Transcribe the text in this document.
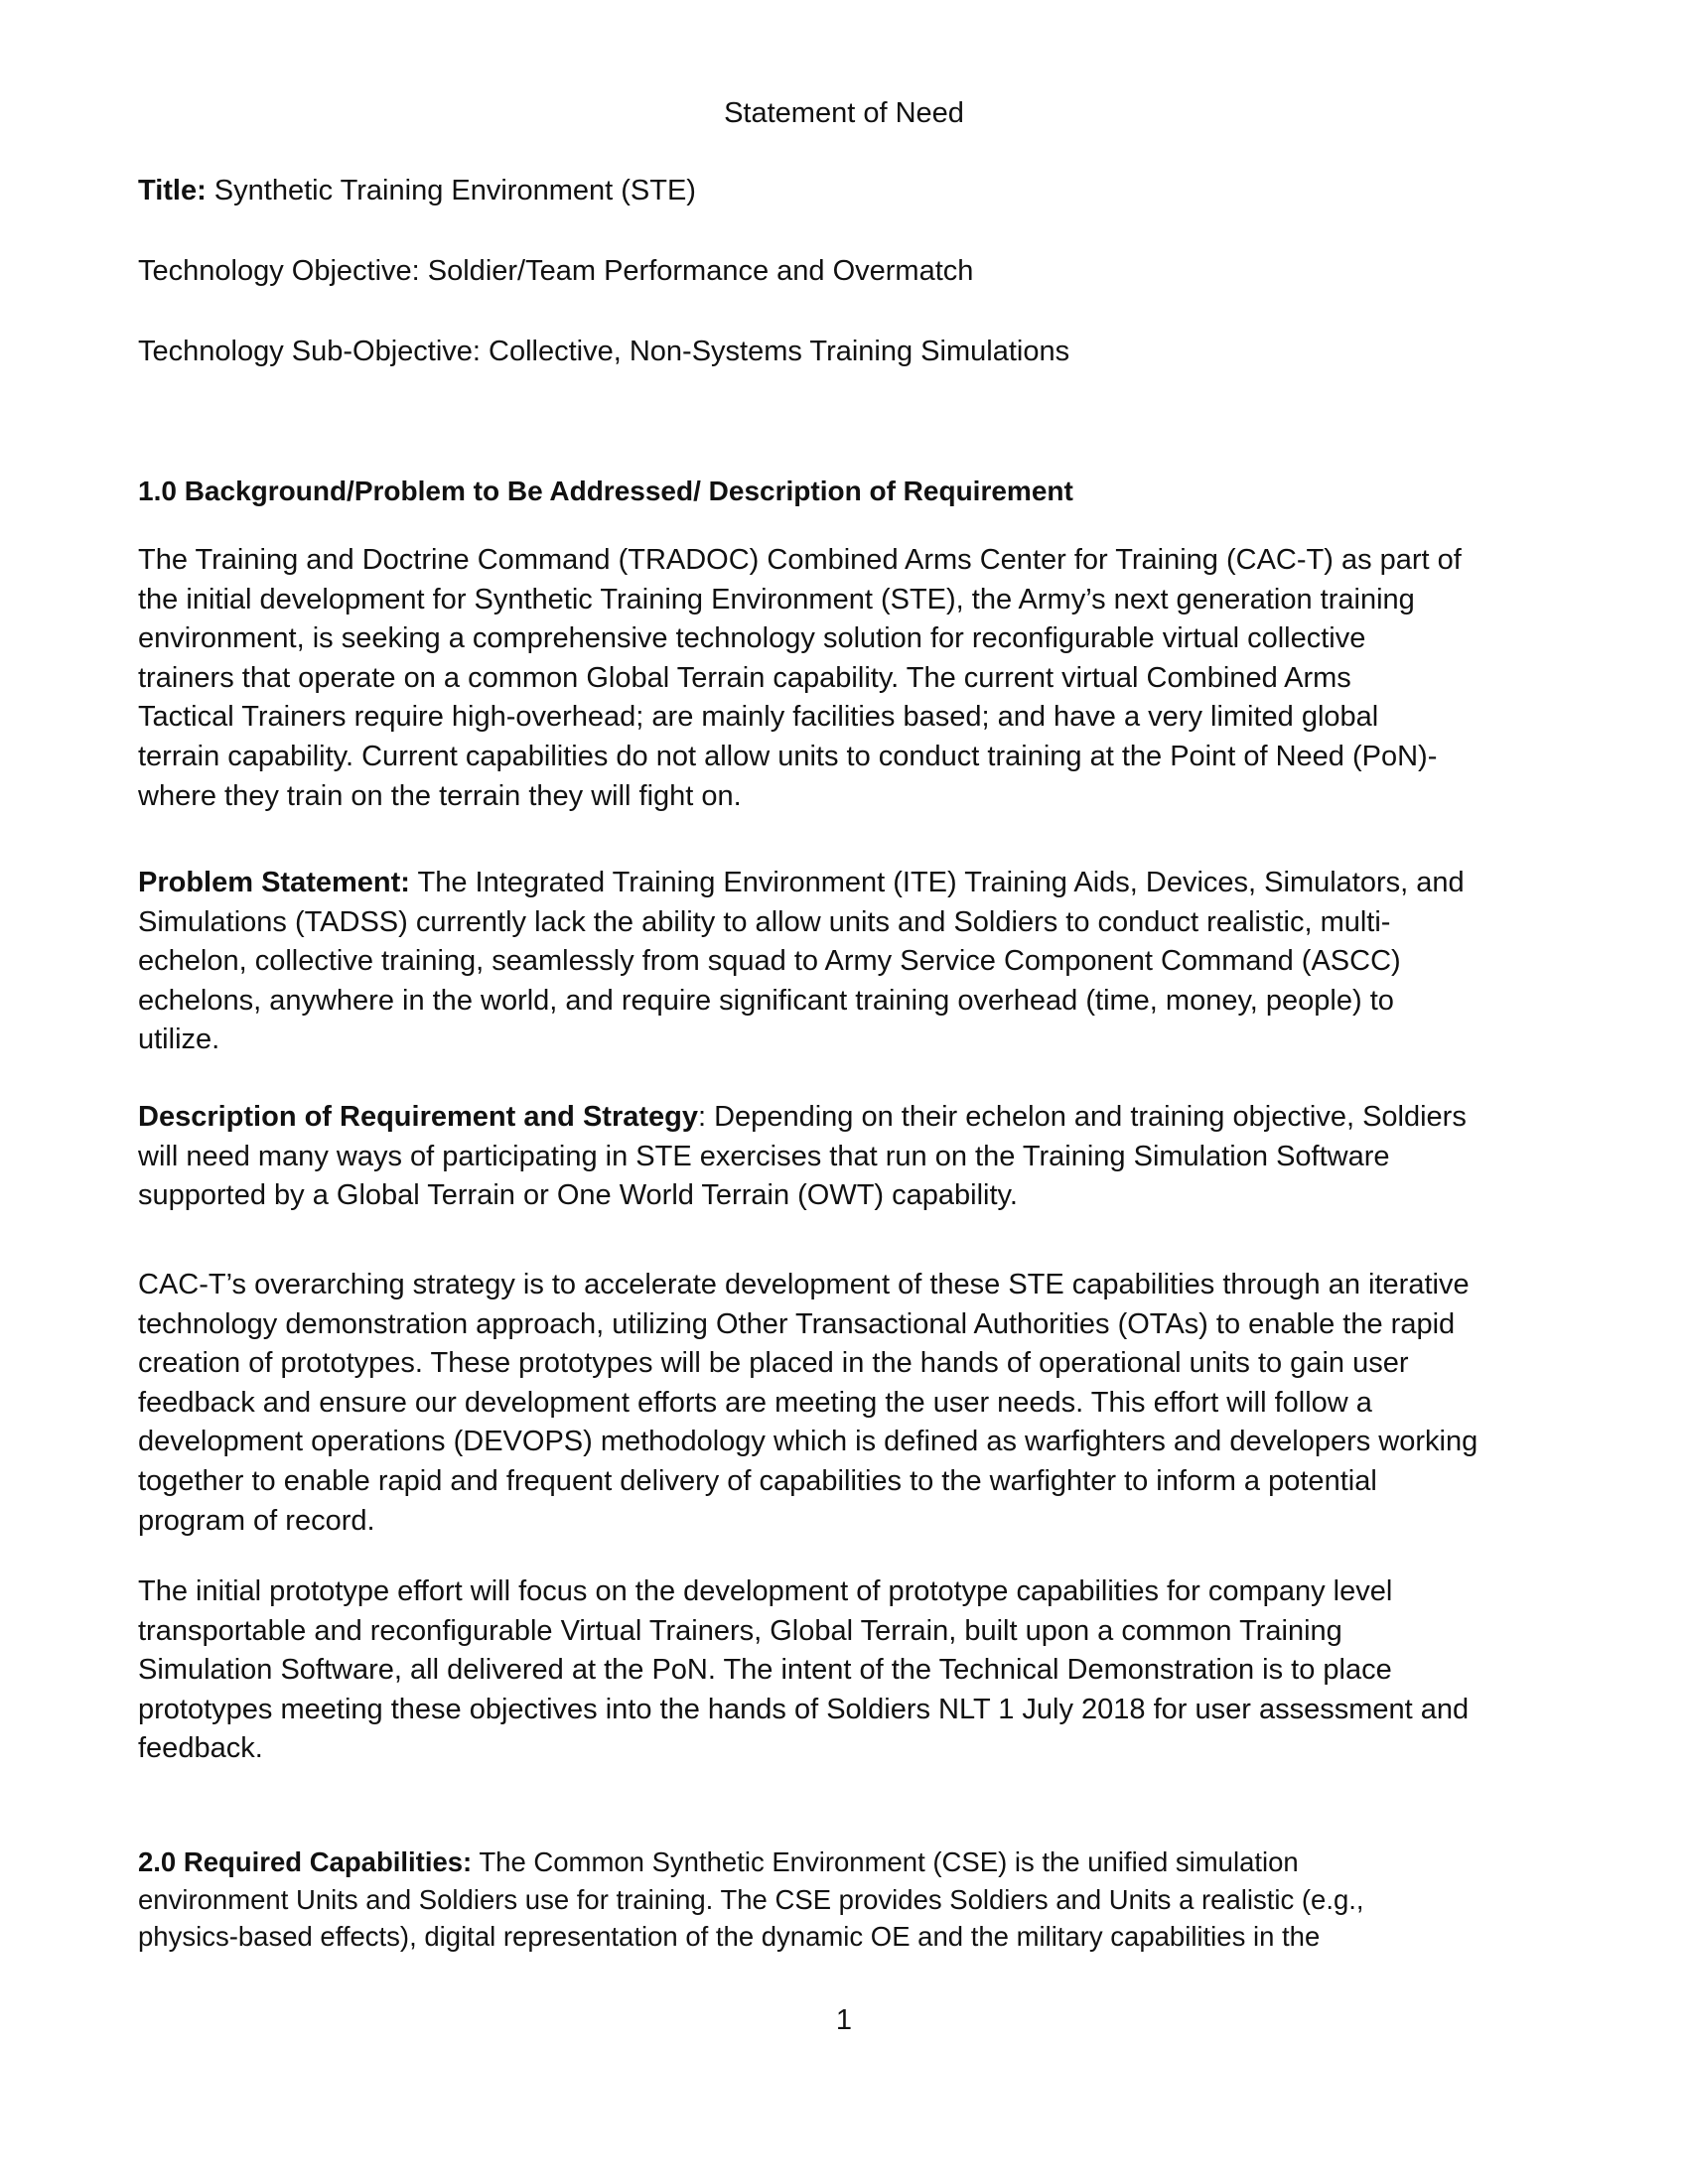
Statement of Need
Title: Synthetic Training Environment (STE)
Technology Objective: Soldier/Team Performance and Overmatch
Technology Sub-Objective: Collective, Non-Systems Training Simulations
1.0 Background/Problem to Be Addressed/ Description of Requirement
The Training and Doctrine Command (TRADOC) Combined Arms Center for Training (CAC-T) as part of
the initial development for Synthetic Training Environment (STE), the Army’s next generation training
environment, is seeking a comprehensive technology solution for reconfigurable virtual collective
trainers that operate on a common Global Terrain capability. The current virtual Combined Arms
Tactical Trainers require high-overhead; are mainly facilities based; and have a very limited global
terrain capability. Current capabilities do not allow units to conduct training at the Point of Need (PoN)-
where they train on the terrain they will fight on.
Problem Statement: The Integrated Training Environment (ITE) Training Aids, Devices, Simulators, and
Simulations (TADSS) currently lack the ability to allow units and Soldiers to conduct realistic, multi-
echelon, collective training, seamlessly from squad to Army Service Component Command (ASCC)
echelons, anywhere in the world, and require significant training overhead (time, money, people) to
utilize.
Description of Requirement and Strategy: Depending on their echelon and training objective, Soldiers
will need many ways of participating in STE exercises that run on the Training Simulation Software
supported by a Global Terrain or One World Terrain (OWT) capability.
CAC-T’s overarching strategy is to accelerate development of these STE capabilities through an iterative
technology demonstration approach, utilizing Other Transactional Authorities (OTAs) to enable the rapid
creation of prototypes. These prototypes will be placed in the hands of operational units to gain user
feedback and ensure our development efforts are meeting the user needs. This effort will follow a
development operations (DEVOPS) methodology which is defined as warfighters and developers working
together to enable rapid and frequent delivery of capabilities to the warfighter to inform a potential
program of record.
The initial prototype effort will focus on the development of prototype capabilities for company level
transportable and reconfigurable Virtual Trainers, Global Terrain, built upon a common Training
Simulation Software, all delivered at the PoN. The intent of the Technical Demonstration is to place
prototypes meeting these objectives into the hands of Soldiers NLT 1 July 2018 for user assessment and
feedback.
2.0 Required Capabilities: The Common Synthetic Environment (CSE) is the unified simulation
environment Units and Soldiers use for training. The CSE provides Soldiers and Units a realistic (e.g.,
physics-based effects), digital representation of the dynamic OE and the military capabilities in the
1
